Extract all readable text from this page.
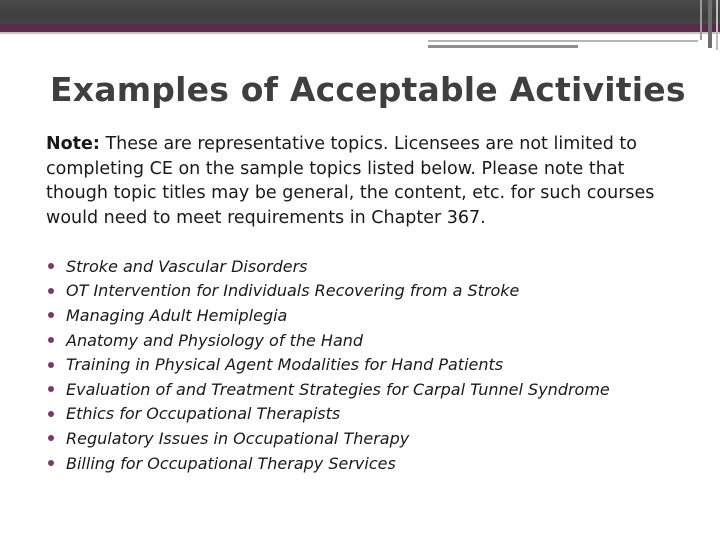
Examples of Acceptable Activities
Note: These are representative topics. Licensees are not limited to completing CE on the sample topics listed below. Please note that though topic titles may be general, the content, etc. for such courses would need to meet requirements in Chapter 367.
Stroke and Vascular Disorders
OT Intervention for Individuals Recovering from a Stroke
Managing Adult Hemiplegia
Anatomy and Physiology of the Hand
Training in Physical Agent Modalities for Hand Patients
Evaluation of and Treatment Strategies for Carpal Tunnel Syndrome
Ethics for Occupational Therapists
Regulatory Issues in Occupational Therapy
Billing for Occupational Therapy Services
